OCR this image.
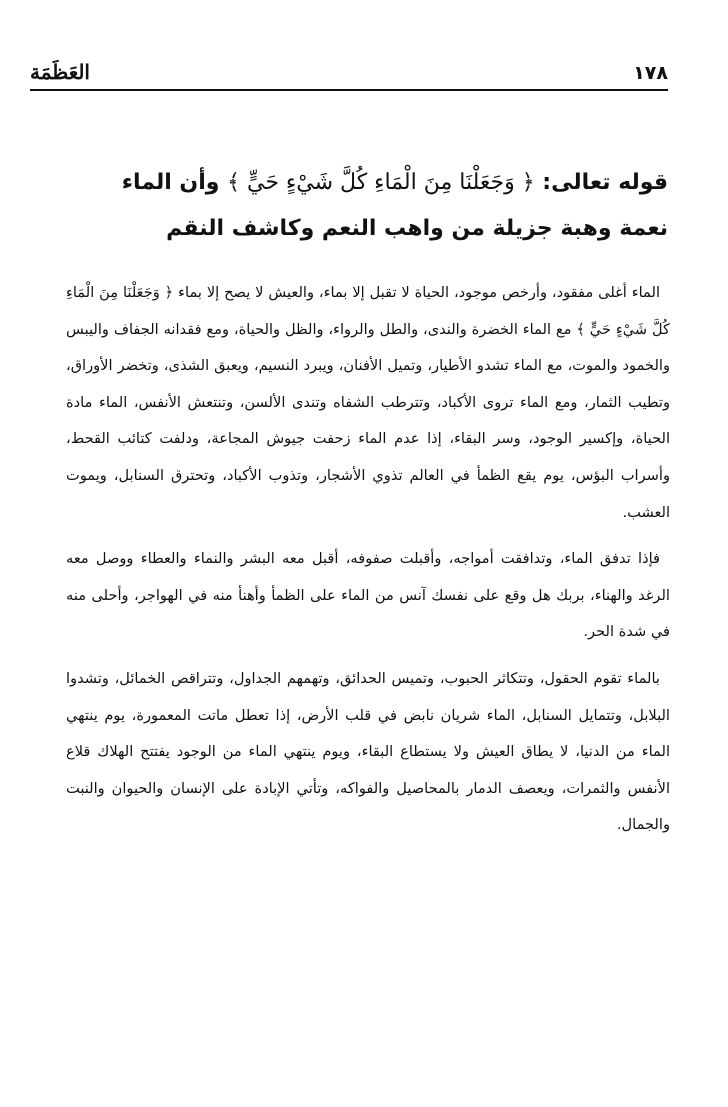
١٧٨
العَظَمَة
قوله تعالى: ﴿ وَجَعَلْنَا مِنَ الْمَاءِ كُلَّ شَيْءٍ حَيٍّ ﴾ وأن الماء نعمة وهبة جزيلة من واهب النعم وكاشف النقم

الماء أغلى مفقود، وأرخص موجود، الحياة لا تقبل إلا بماء، والعيش لا يصح إلا بماء ﴿ وَجَعَلْنَا مِنَ الْمَاءِ كُلَّ شَيْءٍ حَيٍّ ﴾ مع الماء الخضرة والندى، والطل والرواء، والظل والحياة، ومع فقدانه الجفاف واليبس والخمود والموت، مع الماء تشدو الأطيار، وتميل الأفنان، ويبرد النسيم، ويعبق الشذى، وتخضر الأوراق، وتطيب الثمار، ومع الماء تروى الأكباد، وتترطب الشفاه وتندى الألسن، وتنتعش الأنفس، الماء مادة الحياة، وإكسير الوجود، وسر البقاء، إذا عدم الماء زحفت جيوش المجاعة، ودلفت كتائب القحط، وأسراب البؤس، يوم يقع الظمأ في العالم تذوي الأشجار، وتذوب الأكباد، وتحترق السنابل، ويموت العشب.

فإذا تدفق الماء، وتدافقت أمواجه، وأقبلت صفوفه، أقبل معه البشر والنماء والعطاء ووصل معه الرغد والهناء، بربك هل وقع على نفسك آنس من الماء على الظمأ وأهنأ منه في الهواجر، وأحلى منه في شدة الحر.

بالماء تقوم الحقول، وتتكاثر الحبوب، وتميس الحدائق، وتهمهم الجداول، وتتراقص الخمائل، وتشدوا البلابل، وتتمايل السنابل، الماء شريان نابض في قلب الأرض، إذا تعطل ماتت المعمورة، يوم ينتهي الماء من الدنيا، لا يطاق العيش ولا يستطاع البقاء، ويوم ينتهي الماء من الوجود يفتتح الهلاك قلاع الأنفس والثمرات، ويعصف الدمار بالمحاصيل والفواكه، وتأتي الإبادة على الإنسان والحيوان والنبت والجمال.
